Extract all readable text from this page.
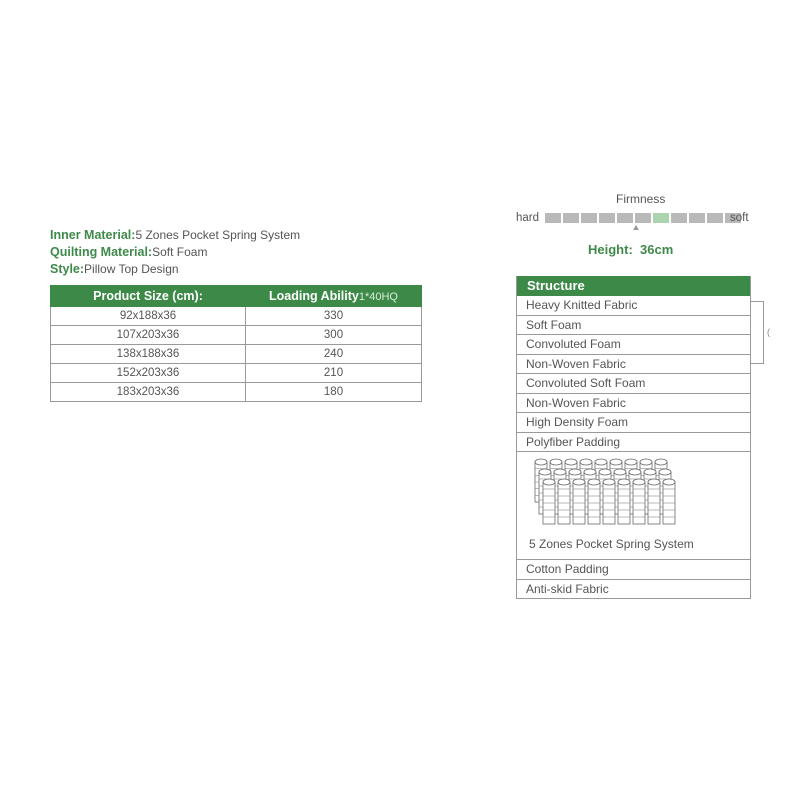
Inner Material:5 Zones Pocket Spring System
Quilting Material:Soft Foam
Style:Pillow Top Design
Product Size (cm):	Loading Ability1*40HQ
92x188x36	330
107x203x36	300
138x188x36	240
152x203x36	210
183x203x36	180
Firmness
hard	soft
Height: 36cm
Structure
Heavy Knitted Fabric
Soft Foam
Convoluted Foam
Non-Woven Fabric
Convoluted Soft Foam
Non-Woven Fabric
High Density Foam
Polyfiber Padding
5 Zones Pocket Spring System
Cotton Padding
Anti-skid Fabric
(
